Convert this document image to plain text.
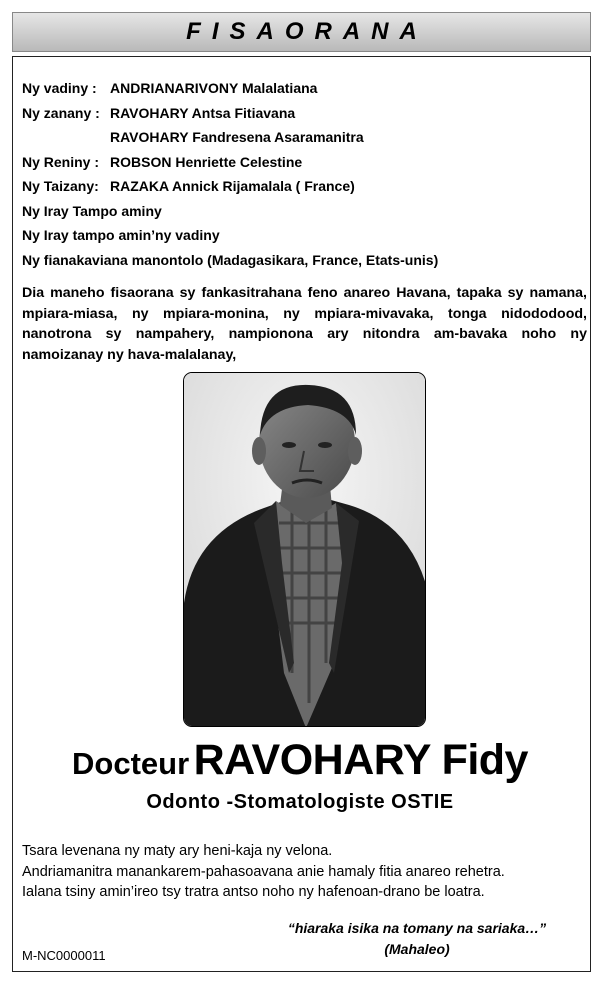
FISAORANA
Ny vadiny : ANDRIANARIVONY Malalatiana
Ny zanany : RAVOHARY Antsa Fitiavana
RAVOHARY Fandresena Asaramanitra
Ny Reniny : ROBSON Henriette Celestine
Ny Taizany: RAZAKA Annick Rijamalala ( France)
Ny Iray Tampo aminy
Ny Iray tampo amin’ny vadiny
Ny fianakaviana manontolo (Madagasikara, France, Etats-unis)

Dia maneho fisaorana sy fankasitrahana feno anareo Havana, tapaka sy namana, mpiara-miasa, ny mpiara-monina, ny mpiara-mivavaka, tonga nidododood, nanotrona sy nampahery, nampionona ary nitondra am-bavaka noho ny namoizanay ny hava-malalanay,

Docteur RAVOHARY Fidy
Odonto -Stomatologiste OSTIE
Tsara levenana ny maty ary heni-kaja ny velona.
Andriamanitra manankarem-pahasoavana anie hamaly fitia anareo rehetra.
Ialana tsiny amin’ireo tsy tratra antso noho ny hafenoan-drano be loatra.
“hiaraka isika na tomany na sariaka…”
(Mahaleo)
M-NC0000011
